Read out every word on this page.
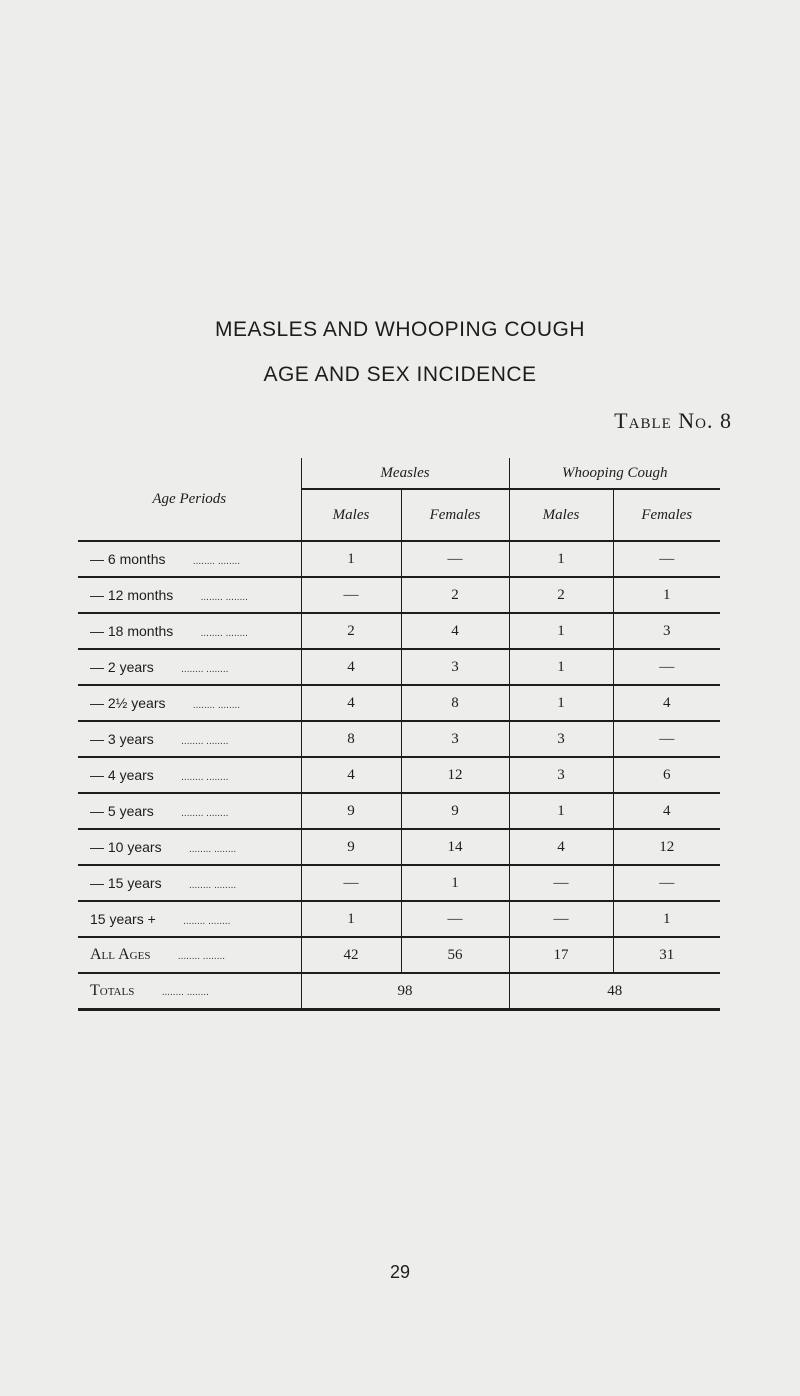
MEASLES AND WHOOPING COUGH
AGE AND SEX INCIDENCE
Table No. 8
Age Periods	Measles		Whooping Cough	
	Males	Females	Males	Females
— 6 months ........ ........	1	—	1	—
— 12 months ........ ........	—	2	2	1
— 18 months ........ ........	2	4	1	3
— 2 years ........ ........	4	3	1	—
— 2½ years ........ ........	4	8	1	4
— 3 years ........ ........	8	3	3	—
— 4 years ........ ........	4	12	3	6
— 5 years ........ ........	9	9	1	4
— 10 years ........ ........	9	14	4	12
— 15 years ........ ........	—	1	—	—
15 years + ........ ........	1	—	—	1
All Ages ........ ........	42	56	17	31
Totals ........ ........	98		48	
29
